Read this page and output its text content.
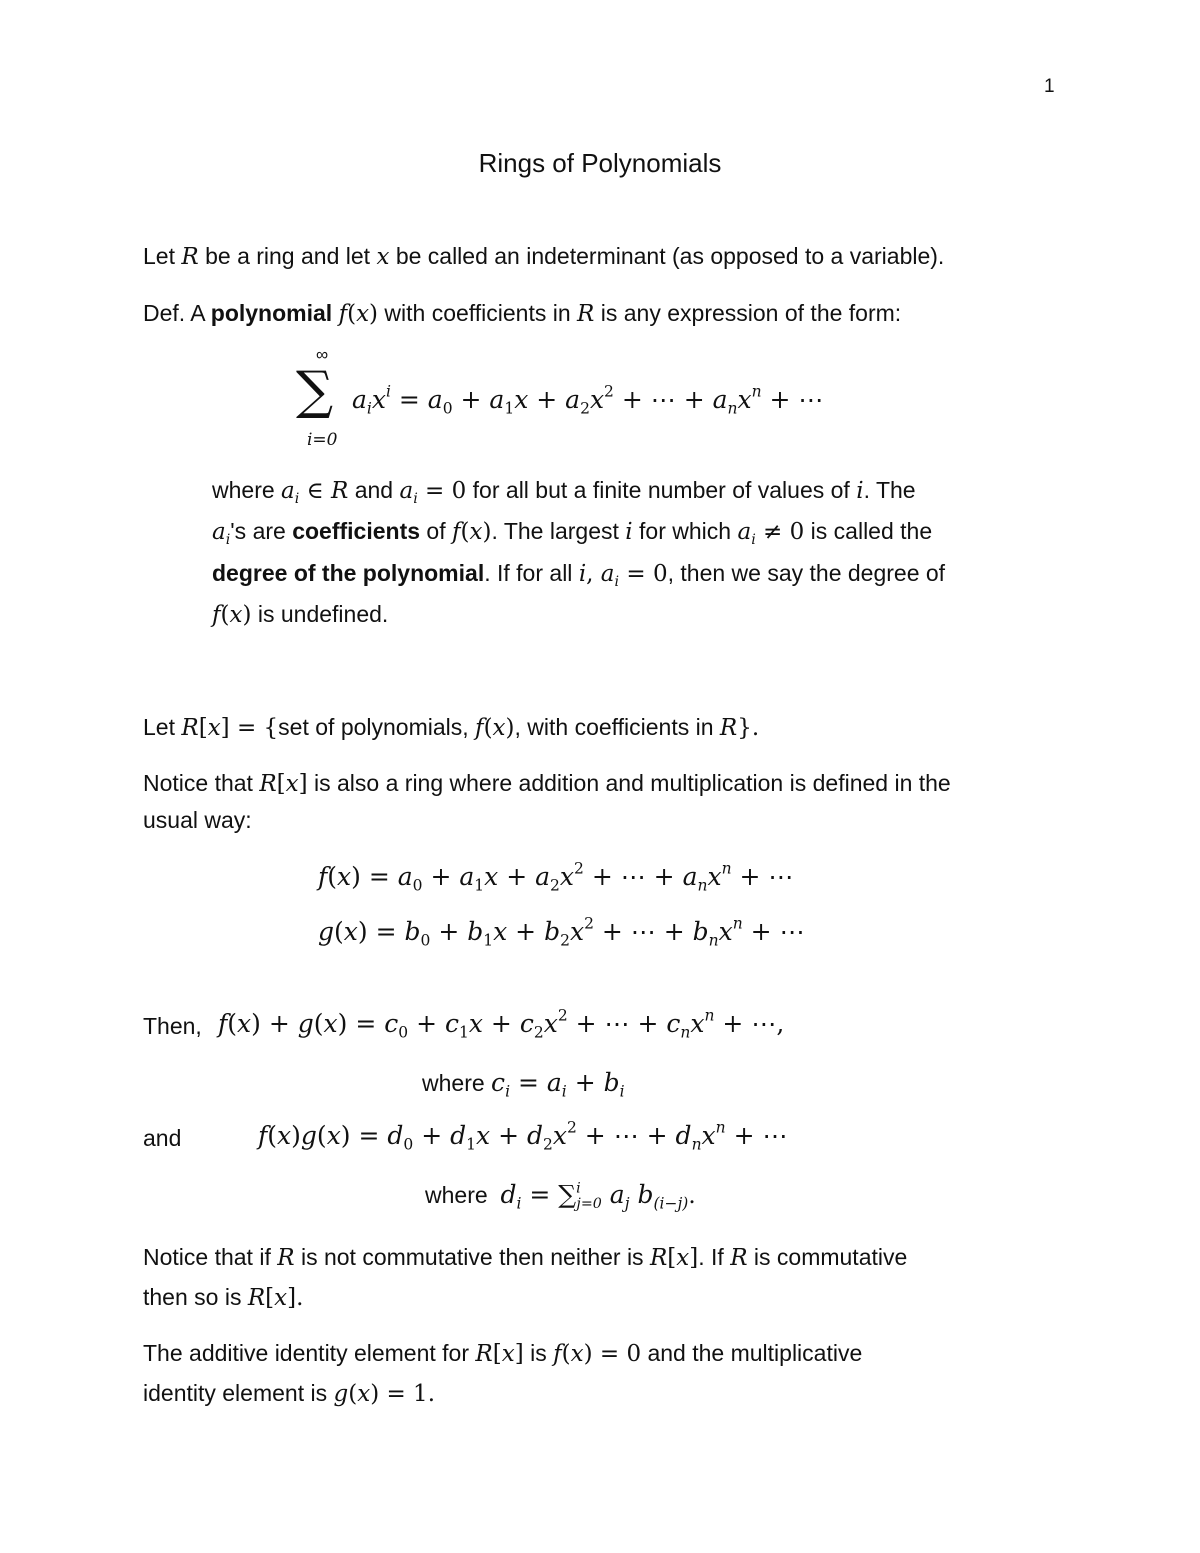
1
Rings of Polynomials
Let R be a ring and let x be called an indeterminant (as opposed to a variable).
Def. A polynomial f(x) with coefficients in R is any expression of the form:
∞
∑
i=0
$a_ix^i = a_0 + a_1x + a_2x^2$ + ⋯ + $a_nx^n$ + ⋯
where $a_i$ ∈ R and $a_i = 0$ for all but a finite number of values of i. The
$a_i's$ are coefficients of f(x). The largest i for which $a_i \ne 0$ is called the
degree of the polynomial. If for all i, $a_i = 0$, then we say the degree of
f(x) is undefined.
Let R[x] = {set of polynomials, f(x), with coefficients in R}.
Notice that R[x] is also a ring where addition and multiplication is defined in the
usual way:
$f(x) = a_0 + a_1x + a_2x^2$ + ⋯ + $a_nx^n$ + ⋯
$g(x) = b_0 + b_1x + b_2x^2$ + ⋯ + $b_nx^n$ + ⋯
Then, $f(x) + g(x) = c_0 + c_1x + c_2x^2$ + ⋯ + $c_nx^n$ + ⋯,
where $c_i = a_i + b_i$
and	$f(x)g(x) = d_0 + d_1x + d_2x^2$ + ⋯ + $d_nx^n$ + ⋯
where $d_i = \sum^i_{j=0}$ $a_j$ $b_{(i-j)}$.
Notice that if R is not commutative then neither is R[x]. If R is commutative
then so is R[x].
The additive identity element for R[x] is f(x) = 0 and the multiplicative
identity element is g(x) = 1.
